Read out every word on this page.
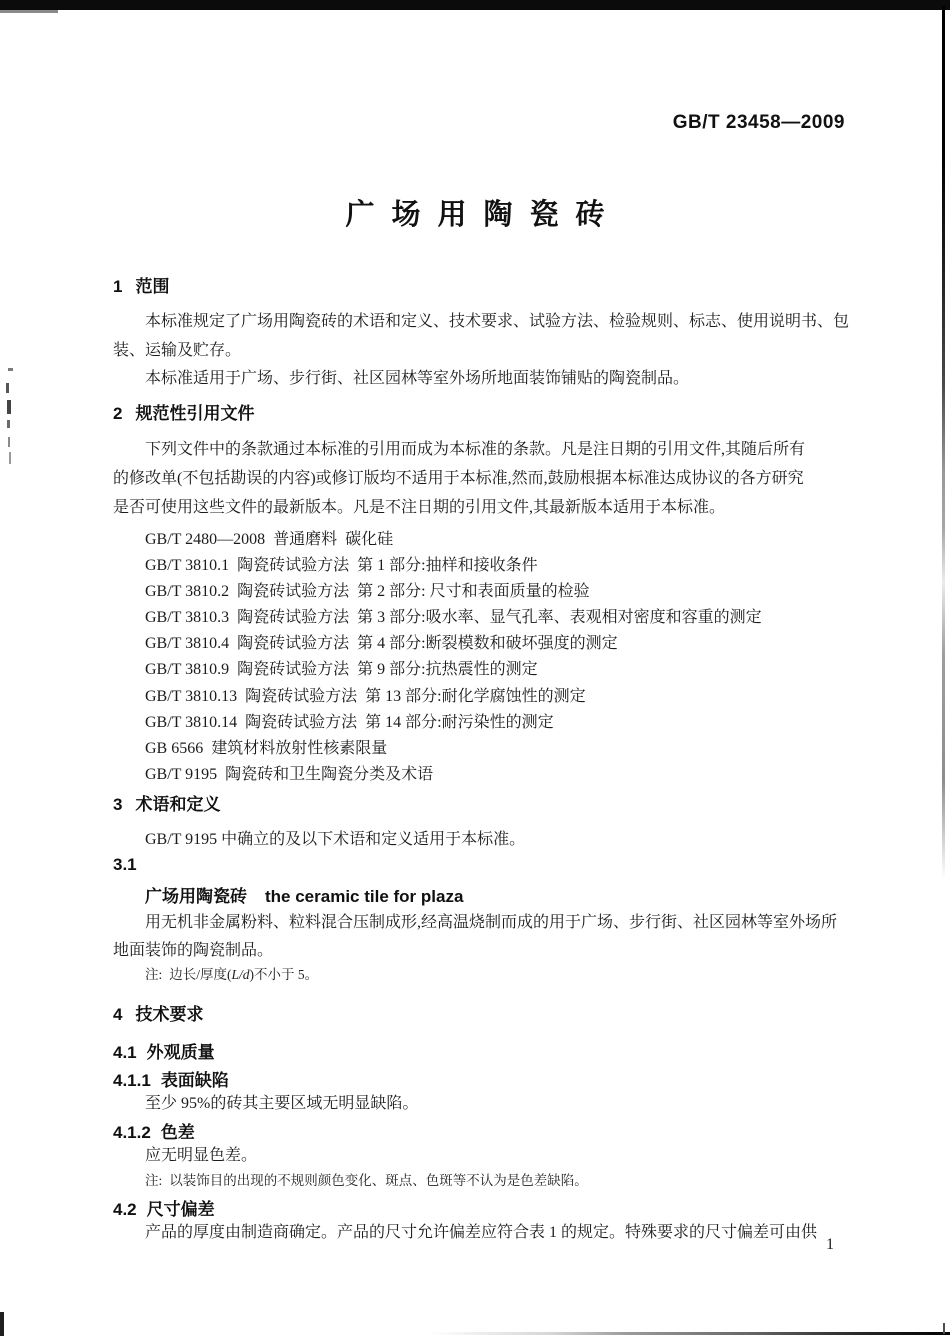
GB/T 23458—2009
广场用陶瓷砖
1 范围
本标准规定了广场用陶瓷砖的术语和定义、技术要求、试验方法、检验规则、标志、使用说明书、包
装、运输及贮存。
本标准适用于广场、步行街、社区园林等室外场所地面装饰铺贴的陶瓷制品。
2 规范性引用文件
下列文件中的条款通过本标准的引用而成为本标准的条款。凡是注日期的引用文件,其随后所有
的修改单(不包括勘误的内容)或修订版均不适用于本标准,然而,鼓励根据本标准达成协议的各方研究
是否可使用这些文件的最新版本。凡是不注日期的引用文件,其最新版本适用于本标准。
GB/T 2480—2008  普通磨料  碳化硅
GB/T 3810.1  陶瓷砖试验方法  第 1 部分:抽样和接收条件
GB/T 3810.2  陶瓷砖试验方法  第 2 部分: 尺寸和表面质量的检验
GB/T 3810.3  陶瓷砖试验方法  第 3 部分:吸水率、显气孔率、表观相对密度和容重的测定
GB/T 3810.4  陶瓷砖试验方法  第 4 部分:断裂模数和破坏强度的测定
GB/T 3810.9  陶瓷砖试验方法  第 9 部分:抗热震性的测定
GB/T 3810.13  陶瓷砖试验方法  第 13 部分:耐化学腐蚀性的测定
GB/T 3810.14  陶瓷砖试验方法  第 14 部分:耐污染性的测定
GB 6566  建筑材料放射性核素限量
GB/T 9195  陶瓷砖和卫生陶瓷分类及术语
3 术语和定义
GB/T 9195 中确立的及以下术语和定义适用于本标准。
3.1
广场用陶瓷砖 the ceramic tile for plaza
用无机非金属粉料、粒料混合压制成形,经高温烧制而成的用于广场、步行街、社区园林等室外场所
地面装饰的陶瓷制品。
注: 边长/厚度(L/d)不小于 5。
4 技术要求
4.1 外观质量
4.1.1 表面缺陷
至少 95%的砖其主要区域无明显缺陷。
4.1.2 色差
应无明显色差。
注: 以装饰目的出现的不规则颜色变化、斑点、色斑等不认为是色差缺陷。
4.2 尺寸偏差
产品的厚度由制造商确定。产品的尺寸允许偏差应符合表 1 的规定。特殊要求的尺寸偏差可由供
1
